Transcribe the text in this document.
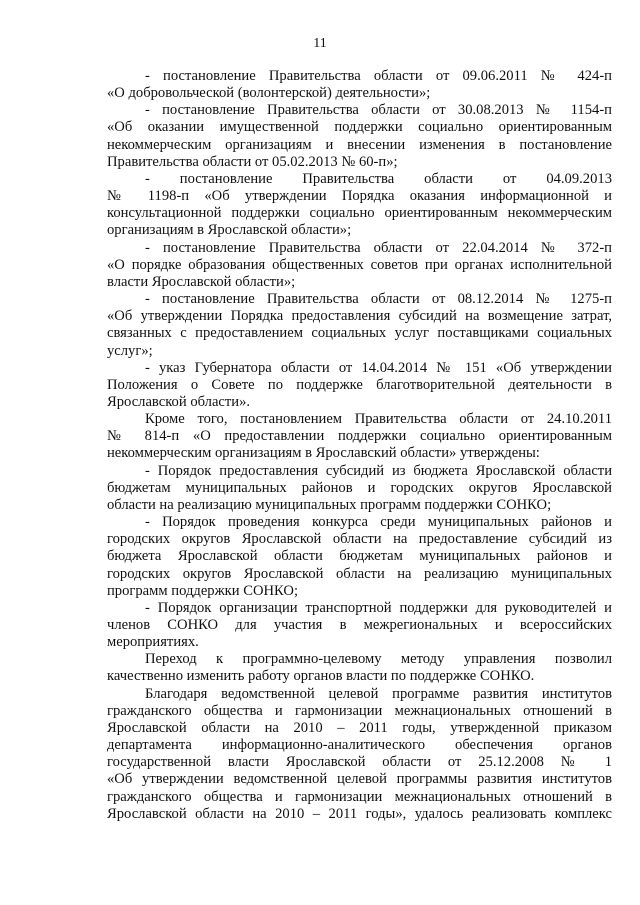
11

- постановление Правительства области от 09.06.2011 № 424-п
«О добровольческой (волонтерской) деятельности»;

- постановление Правительства области от 30.08.2013 № 1154-п
«Об оказании имущественной поддержки социально ориентированным
некоммерческим организациям и внесении изменения в постановление
Правительства области от 05.02.2013 № 60-п»;

- постановление Правительства области от 04.09.2013
№ 1198-п «Об утверждении Порядка оказания информационной и
консультационной поддержки социально ориентированным некоммерческим
организациям в Ярославской области»;

- постановление Правительства области от 22.04.2014 № 372-п
«О порядке образования общественных советов при органах исполнительной
власти Ярославской области»;

- постановление Правительства области от 08.12.2014 № 1275-п
«Об утверждении Порядка предоставления субсидий на возмещение затрат,
связанных с предоставлением социальных услуг поставщиками социальных
услуг»;

- указ Губернатора области от 14.04.2014 № 151 «Об утверждении
Положения о Совете по поддержке благотворительной деятельности в
Ярославской области».

Кроме того, постановлением Правительства области от 24.10.2011
№ 814-п «О предоставлении поддержки социально ориентированным
некоммерческим организациям в Ярославский области» утверждены:

- Порядок предоставления субсидий из бюджета Ярославской области
бюджетам муниципальных районов и городских округов Ярославской
области на реализацию муниципальных программ поддержки СОНКО;

- Порядок проведения конкурса среди муниципальных районов и
городских округов Ярославской области на предоставление субсидий из
бюджета Ярославской области бюджетам муниципальных районов и
городских округов Ярославской области на реализацию муниципальных
программ поддержки СОНКО;

- Порядок организации транспортной поддержки для руководителей и
членов СОНКО для участия в межрегиональных и всероссийских
мероприятиях.

Переход к программно-целевому методу управления позволил
качественно изменить работу органов власти по поддержке СОНКО.

Благодаря ведомственной целевой программе развития институтов
гражданского общества и гармонизации межнациональных отношений в
Ярославской области на 2010 – 2011 годы, утвержденной приказом
департамента информационно-аналитического обеспечения органов
государственной власти Ярославской области от 25.12.2008 № 1
«Об утверждении ведомственной целевой программы развития институтов
гражданского общества и гармонизации межнациональных отношений в
Ярославской области на 2010 – 2011 годы», удалось реализовать комплекс
